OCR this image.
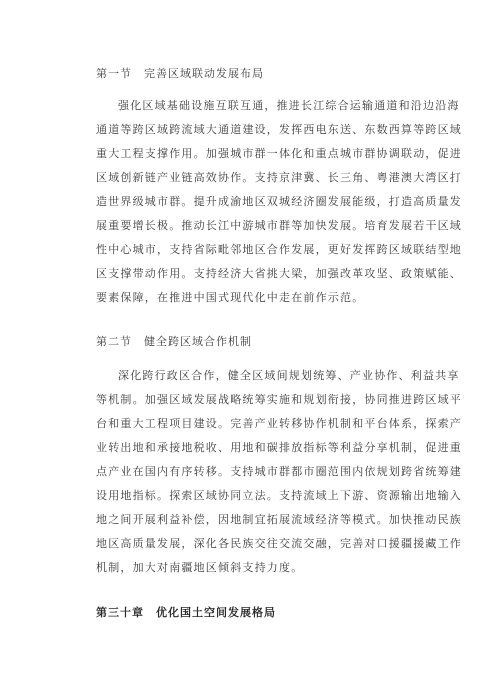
第一节　完善区域联动发展布局
强化区域基础设施互联互通，推进长江综合运输通道和沿边沿海
通道等跨区域跨流域大通道建设，发挥西电东送、东数西算等跨区域
重大工程支撑作用。加强城市群一体化和重点城市群协调联动，促进
区域创新链产业链高效协作。支持京津冀、长三角、粤港澳大湾区打
造世界级城市群。提升成渝地区双城经济圈发展能级，打造高质量发
展重要增长极。推动长江中游城市群等加快发展。培育发展若干区域
性中心城市，支持省际毗邻地区合作发展，更好发挥跨区域联结型地
区支撑带动作用。支持经济大省挑大梁，加强改革攻坚、政策赋能、
要素保障，在推进中国式现代化中走在前作示范。
第二节　健全跨区域合作机制
深化跨行政区合作，健全区域间规划统筹、产业协作、利益共享
等机制。加强区域发展战略统筹实施和规划衔接，协同推进跨区域平
台和重大工程项目建设。完善产业转移协作机制和平台体系，探索产
业转出地和承接地税收、用地和碳排放指标等利益分享机制，促进重
点产业在国内有序转移。支持城市群都市圈范围内依规划跨省统筹建
设用地指标。探索区域协同立法。支持流域上下游、资源输出地输入
地之间开展利益补偿，因地制宜拓展流域经济等模式。加快推动民族
地区高质量发展，深化各民族交往交流交融，完善对口援疆援藏工作
机制，加大对南疆地区倾斜支持力度。
第三十章　优化国土空间发展格局
